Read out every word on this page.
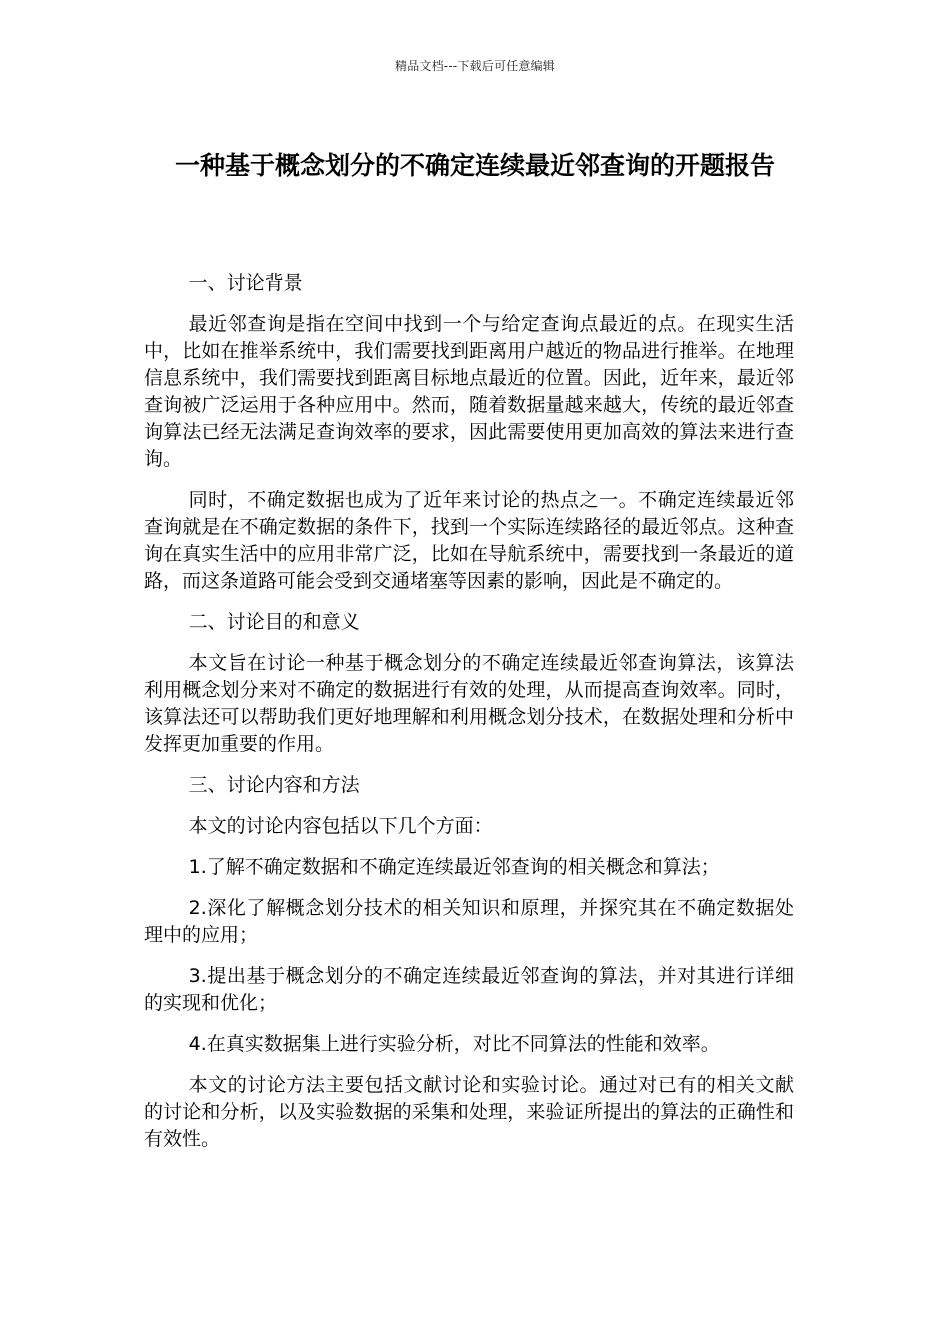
精品文档---下载后可任意编辑
一种基于概念划分的不确定连续最近邻查询的开题报告

一、讨论背景

最近邻查询是指在空间中找到一个与给定查询点最近的点。在现实生活中，比如在推举系统中，我们需要找到距离用户越近的物品进行推举。在地理信息系统中，我们需要找到距离目标地点最近的位置。因此，近年来，最近邻查询被广泛运用于各种应用中。然而，随着数据量越来越大，传统的最近邻查询算法已经无法满足查询效率的要求，因此需要使用更加高效的算法来进行查询。

同时，不确定数据也成为了近年来讨论的热点之一。不确定连续最近邻查询就是在不确定数据的条件下，找到一个实际连续路径的最近邻点。这种查询在真实生活中的应用非常广泛，比如在导航系统中，需要找到一条最近的道路，而这条道路可能会受到交通堵塞等因素的影响，因此是不确定的。

二、讨论目的和意义

本文旨在讨论一种基于概念划分的不确定连续最近邻查询算法，该算法利用概念划分来对不确定的数据进行有效的处理，从而提高查询效率。同时，该算法还可以帮助我们更好地理解和利用概念划分技术，在数据处理和分析中发挥更加重要的作用。

三、讨论内容和方法

本文的讨论内容包括以下几个方面：

1.了解不确定数据和不确定连续最近邻查询的相关概念和算法；

2.深化了解概念划分技术的相关知识和原理，并探究其在不确定数据处理中的应用；

3.提出基于概念划分的不确定连续最近邻查询的算法，并对其进行详细的实现和优化；

4.在真实数据集上进行实验分析，对比不同算法的性能和效率。

本文的讨论方法主要包括文献讨论和实验讨论。通过对已有的相关文献的讨论和分析，以及实验数据的采集和处理，来验证所提出的算法的正确性和有效性。
